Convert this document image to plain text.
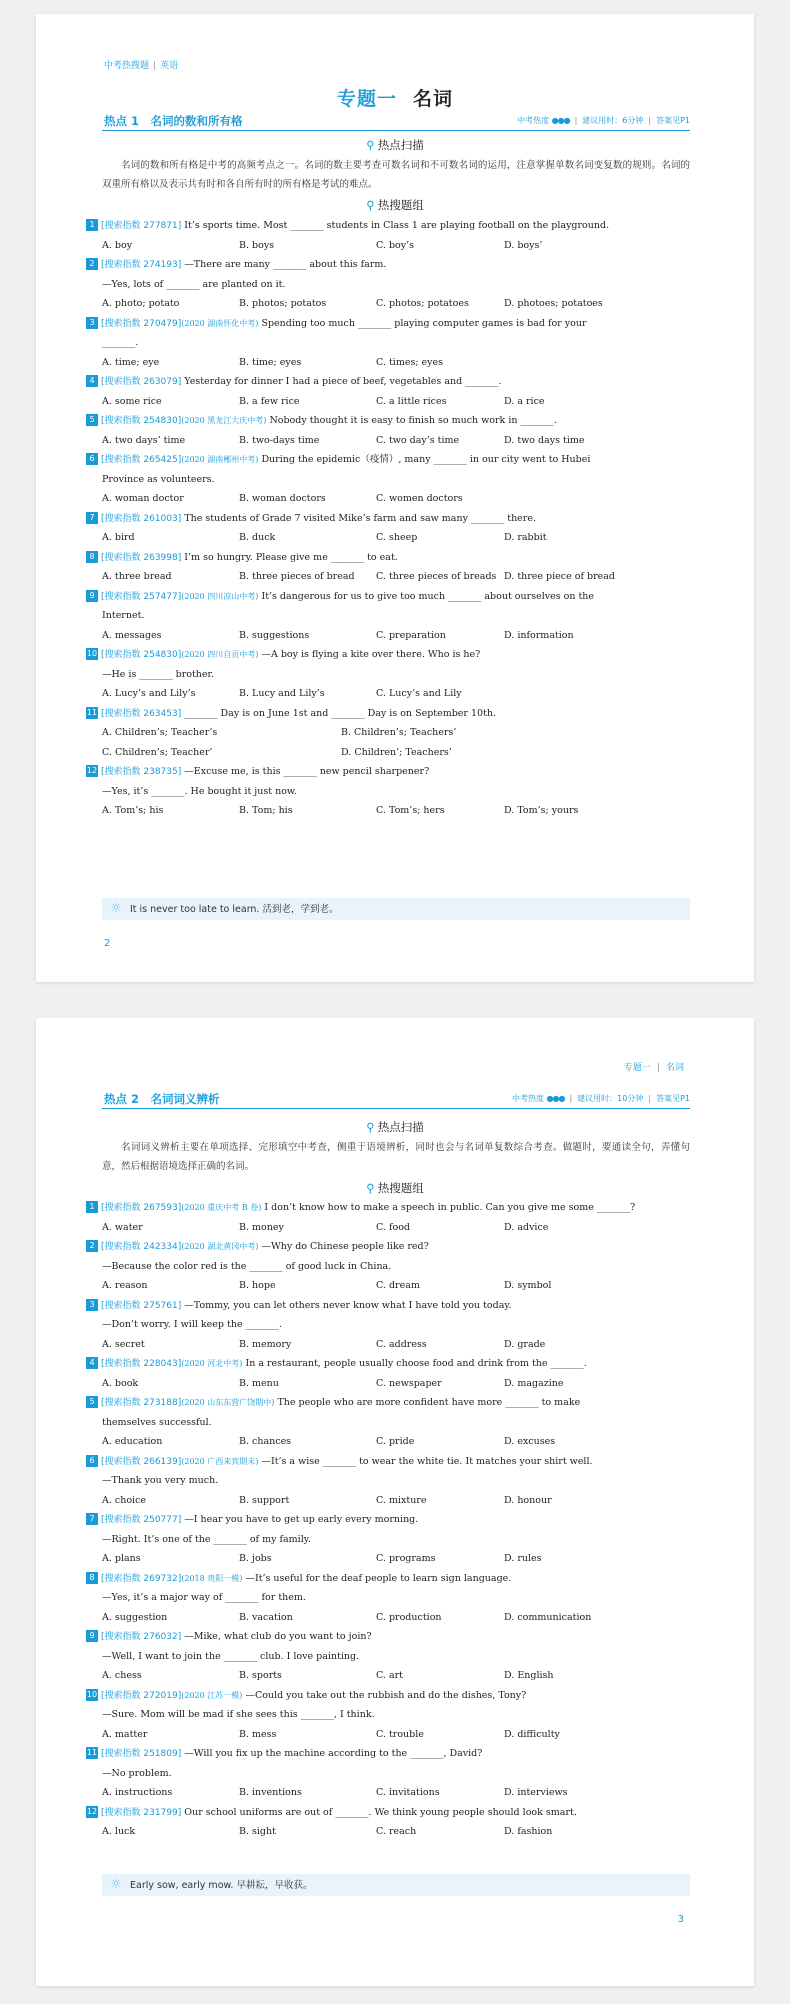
中考热搜题 | 英语
专题一 名词
热点 1　名词的数和所有格	中考热度 ●●● | 建议用时：6分钟 | 答案见P1
⚲ 热点扫描
名词的数和所有格是中考的高频考点之一。名词的数主要考查可数名词和不可数名词的运用，注意掌握单数名词变复数的规则。名词的双重所有格以及表示共有时和各自所有时的所有格是考试的难点。
⚲ 热搜题组
1 [搜索指数 277871] It’s sports time. Most _______ students in Class 1 are playing football on the playground.
A. boy	B. boys	C. boy’s	D. boys’
2 [搜索指数 274193] —There are many _______ about this farm.
—Yes, lots of _______ are planted on it.
A. photo; potato	B. photos; potatos	C. photos; potatoes	D. photoes; potatoes
3 [搜索指数 270479](2020 湖南怀化中考) Spending too much _______ playing computer games is bad for your
_______.
A. time; eye	B. time; eyes	C. times; eyes
4 [搜索指数 263079] Yesterday for dinner I had a piece of beef, vegetables and _______.
A. some rice	B. a few rice	C. a little rices	D. a rice
5 [搜索指数 254830](2020 黑龙江大庆中考) Nobody thought it is easy to finish so much work in _______.
A. two days’ time	B. two-days time	C. two day’s time	D. two days time
6 [搜索指数 265425](2020 湖南郴州中考) During the epidemic（疫情）, many _______ in our city went to Hubei
Province as volunteers.
A. woman doctor	B. woman doctors	C. women doctors
7 [搜索指数 261003] The students of Grade 7 visited Mike’s farm and saw many _______ there.
A. bird	B. duck	C. sheep	D. rabbit
8 [搜索指数 263998] I’m so hungry. Please give me _______ to eat.
A. three bread	B. three pieces of bread C. three pieces of breads D. three piece of bread
9 [搜索指数 257477](2020 四川凉山中考) It’s dangerous for us to give too much _______ about ourselves on the
Internet.
A. messages	B. suggestions	C. preparation	D. information
10 [搜索指数 254830](2020 四川自贡中考) —A boy is flying a kite over there. Who is he?
—He is _______ brother.
A. Lucy’s and Lily’s	B. Lucy and Lily’s	C. Lucy’s and Lily
11 [搜索指数 263453] _______ Day is on June 1st and _______ Day is on September 10th.
A. Children’s; Teacher’s	B. Children’s; Teachers’
C. Children’s; Teacher’	D. Children’; Teachers’
12 [搜索指数 238735] —Excuse me, is this _______ new pencil sharpener?
—Yes, it’s _______. He bought it just now.
A. Tom’s; his	B. Tom; his	C. Tom’s; hers	D. Tom’s; yours
☼ It is never too late to learn. 活到老，学到老。
2
专题一 | 名词
热点 2　名词词义辨析	中考热度 ●●● | 建议用时：10分钟 | 答案见P1
⚲ 热点扫描
名词词义辨析主要在单项选择、完形填空中考查，侧重于语境辨析，同时也会与名词单复数综合考查。做题时，要通读全句，弄懂句意，然后根据语境选择正确的名词。
⚲ 热搜题组
1 [搜索指数 267593](2020 重庆中考 B 卷) I don’t know how to make a speech in public. Can you give me some _______?
A. water	B. money	C. food	D. advice
2 [搜索指数 242334](2020 湖北黄冈中考) —Why do Chinese people like red?
—Because the color red is the _______ of good luck in China.
A. reason	B. hope	C. dream	D. symbol
3 [搜索指数 275761] —Tommy, you can let others never know what I have told you today.
—Don’t worry. I will keep the _______.
A. secret	B. memory	C. address	D. grade
4 [搜索指数 228043](2020 河北中考) In a restaurant, people usually choose food and drink from the _______.
A. book	B. menu	C. newspaper	D. magazine
5 [搜索指数 273188](2020 山东东营广饶期中) The people who are more confident have more _______ to make
themselves successful.
A. education	B. chances	C. pride	D. excuses
6 [搜索指数 266139](2020 广西来宾期末) —It’s a wise _______ to wear the white tie. It matches your shirt well.
—Thank you very much.
A. choice	B. support	C. mixture	D. honour
7 [搜索指数 250777] —I hear you have to get up early every morning.
—Right. It’s one of the _______ of my family.
A. plans	B. jobs	C. programs	D. rules
8 [搜索指数 269732](2018 贵阳一模) —It’s useful for the deaf people to learn sign language.
—Yes, it’s a major way of _______ for them.
A. suggestion	B. vacation	C. production	D. communication
9 [搜索指数 276032] —Mike, what club do you want to join?
—Well, I want to join the _______ club. I love painting.
A. chess	B. sports	C. art	D. English
10 [搜索指数 272019](2020 江苏一模) —Could you take out the rubbish and do the dishes, Tony?
—Sure. Mom will be mad if she sees this _______, I think.
A. matter	B. mess	C. trouble	D. difficulty
11 [搜索指数 251809] —Will you fix up the machine according to the _______, David?
—No problem.
A. instructions	B. inventions	C. invitations	D. interviews
12 [搜索指数 231799] Our school uniforms are out of _______. We think young people should look smart.
A. luck	B. sight	C. reach	D. fashion
☼ Early sow, early mow. 早耕耘，早收获。
3
